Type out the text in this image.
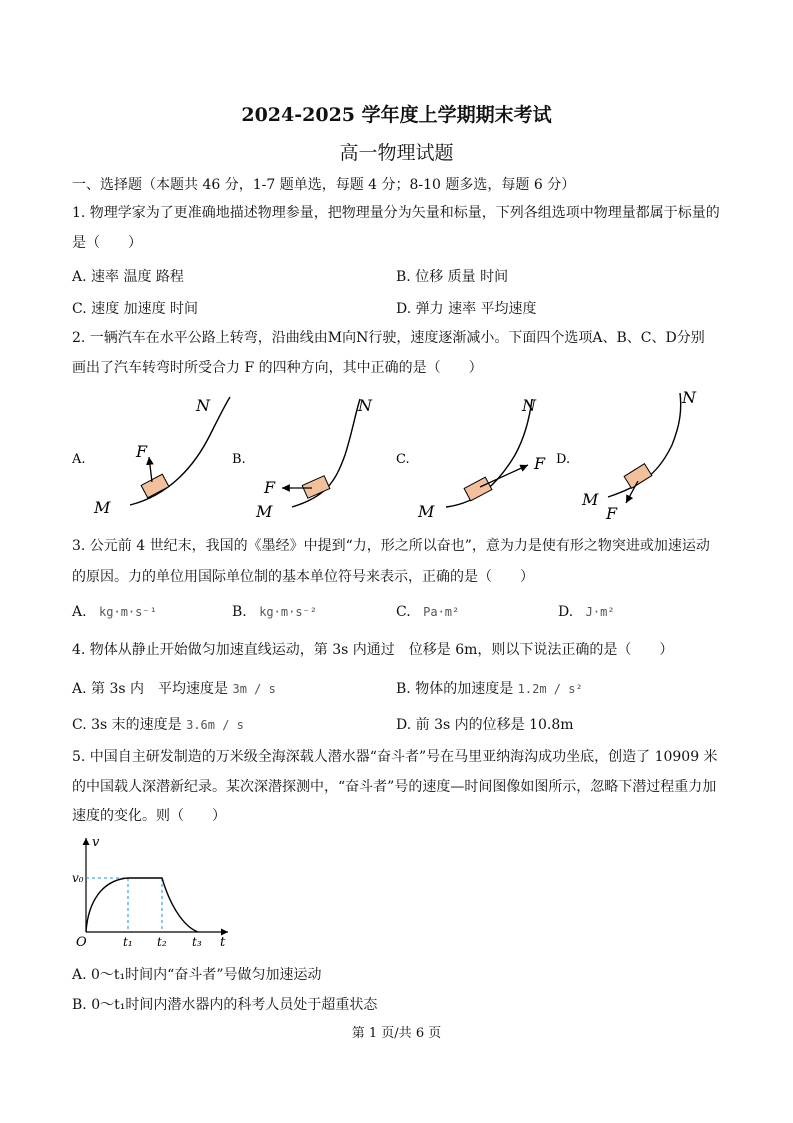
2024-2025 学年度上学期期末考试
高一物理试题
一、选择题（本题共 46 分，1-7 题单选，每题 4 分；8-10 题多选，每题 6 分）
1. 物理学家为了更准确地描述物理参量，把物理量分为矢量和标量，下列各组选项中物理量都属于标量的
是（　　）
A. 速率 温度 路程	B. 位移 质量 时间
C. 速度 加速度 时间	D. 弹力 速率 平均速度
2. 一辆汽车在水平公路上转弯，沿曲线由M向N行驶，速度逐渐减小。下面四个选项A、B、C、D分别
画出了汽车转弯时所受合力 F 的四种方向，其中正确的是（　　）
A.	F
M
N
B.
F
M
N
C.	F
M
N
D.
F
M
N
3. 公元前 4 世纪末，我国的《墨经》中提到“力，形之所以奋也”，意为力是使有形之物突进或加速运动
的原因。力的单位用国际单位制的基本单位符号来表示，正确的是（　　）
A. kg·m·s⁻¹	B. kg·m·s⁻²	C. Pa·m²	D. J·m²
4. 物体从静止开始做匀加速直线运动，第 3s 内通过　位移是 6m，则以下说法正确的是（　　）
A. 第 3s 内　平均速度是 3m / s	B. 物体的加速度是 1.2m / s²
C. 3s 末的速度是 3.6m / s	D. 前 3s 内的位移是 10.8m
5. 中国自主研发制造的万米级全海深载人潜水器“奋斗者”号在马里亚纳海沟成功坐底，创造了 10909 米
的中国载人深潜新纪录。某次深潜探测中，“奋斗者”号的速度—时间图像如图所示，忽略下潜过程重力加
速度的变化。则（　　）
v
v₀
O	t₁ t₂ t₃ t
A. 0～t₁时间内“奋斗者”号做匀加速运动
B. 0～t₁时间内潜水器内的科考人员处于超重状态
第 1 页/共 6 页
